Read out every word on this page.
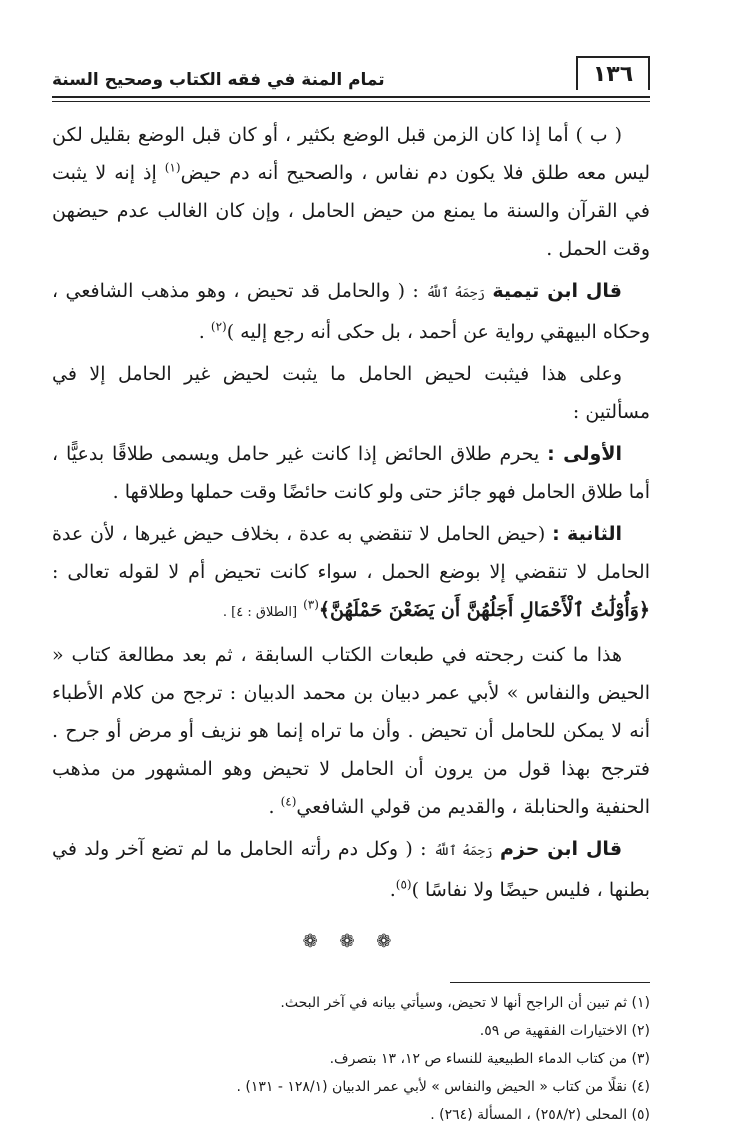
١٣٦
تمام المنة في فقه الكتاب وصحيح السنة

( ب ) أما إذا كان الزمن قبل الوضع بكثير ، أو كان قبل الوضع بقليل لكن ليس معه طلق فلا يكون دم نفاس ، والصحيح أنه دم حيض$^{(١)}$ إذ إنه لا يثبت في القرآن والسنة ما يمنع من حيض الحامل ، وإن كان الغالب عدم حيضهن وقت الحمل .

قال ابن تيمية رَحِمَهُ ٱللَّهُ : ( والحامل قد تحيض ، وهو مذهب الشافعي ، وحكاه البيهقي رواية عن أحمد ، بل حكى أنه رجع إليه )$^{(٢)}$ .

وعلى هذا فيثبت لحيض الحامل ما يثبت لحيض غير الحامل إلا في مسألتين :

الأولى : يحرم طلاق الحائض إذا كانت غير حامل ويسمى طلاقًا بدعيًّا ، أما طلاق الحامل فهو جائز حتى ولو كانت حائضًا وقت حملها وطلاقها .

الثانية : (حيض الحامل لا تنقضي به عدة ، بخلاف حيض غيرها ، لأن عدة الحامل لا تنقضي إلا بوضع الحمل ، سواء كانت تحيض أم لا لقوله تعالى : ﴿وَأُوْلَٰتُ ٱلْأَحْمَالِ أَجَلُهُنَّ أَن يَضَعْنَ حَمْلَهُنَّ﴾$^{(٣)}$ [الطلاق : ٤] .

هذا ما كنت رجحته في طبعات الكتاب السابقة ، ثم بعد مطالعة كتاب « الحيض والنفاس » لأبي عمر دبيان بن محمد الدبيان : ترجح من كلام الأطباء أنه لا يمكن للحامل أن تحيض . وأن ما تراه إنما هو نزيف أو مرض أو جرح . فترجح بهذا قول من يرون أن الحامل لا تحيض وهو المشهور من مذهب الحنفية والحنابلة ، والقديم من قولي الشافعي$^{(٤)}$ .

قال ابن حزم رَحِمَهُ ٱللَّهُ : ( وكل دم رأته الحامل ما لم تضع آخر ولد في بطنها ، فليس حيضًا ولا نفاسًا )$^{(٥)}$.

❁ ❁ ❁
(١) ثم تبين أن الراجح أنها لا تحيض، وسيأتي بيانه في آخر البحث.
(٢) الاختيارات الفقهية ص ٥٩.
(٣) من كتاب الدماء الطبيعية للنساء ص ١٢، ١٣ بتصرف.
(٤) نقلًا من كتاب « الحيض والنفاس » لأبي عمر الدبيان (١٢٨/١ - ١٣١) .
(٥) المحلى (٢٥٨/٢) ، المسألة (٢٦٤) .
